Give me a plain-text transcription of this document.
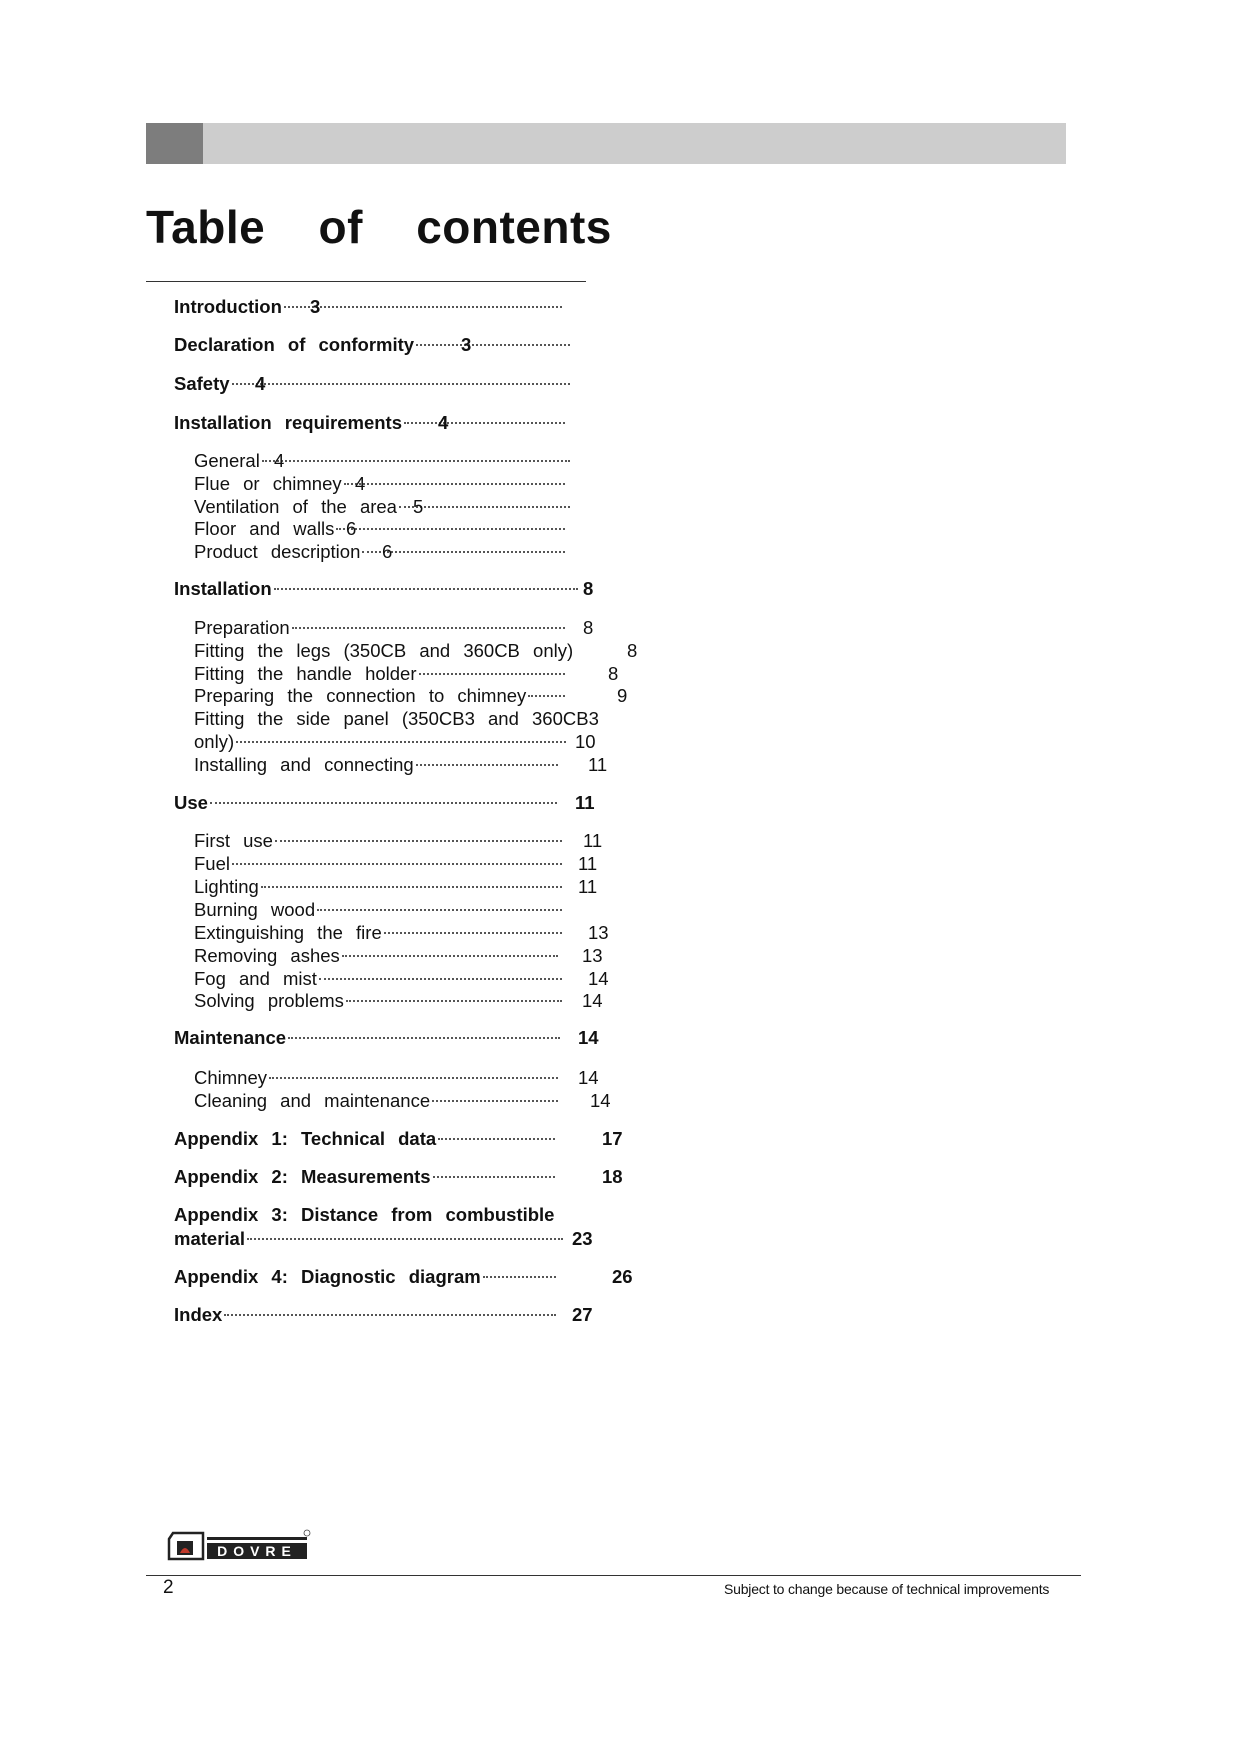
Table of contents
Introduction 3
Declaration of conformity	3
Safety 4
Installation requirements 4
General 4
Flue or chimney 4
Ventilation of the area 5
Floor and walls 6
Product description 6
Installation	8
Preparation	8
Fitting the legs (350CB and 360CB only)	8
Fitting the handle holder	8
Preparing the connection to chimney	9
Fitting the side panel (350CB3 and 360CB3
only)	10
Installing and connecting	11
Use	11
First use	11
Fuel	11
Lighting	11
Burning wood
Extinguishing the fire	13
Removing ashes	13
Fog and mist	14
Solving problems	14
Maintenance	14
Chimney	14
Cleaning and maintenance	14
Appendix 1: Technical data	17
Appendix 2: Measurements	18
Appendix 3: Distance from combustible
material	23
Appendix 4: Diagnostic diagram	26
Index	27
DOVRE
2	Subject to change because of technical improvements
